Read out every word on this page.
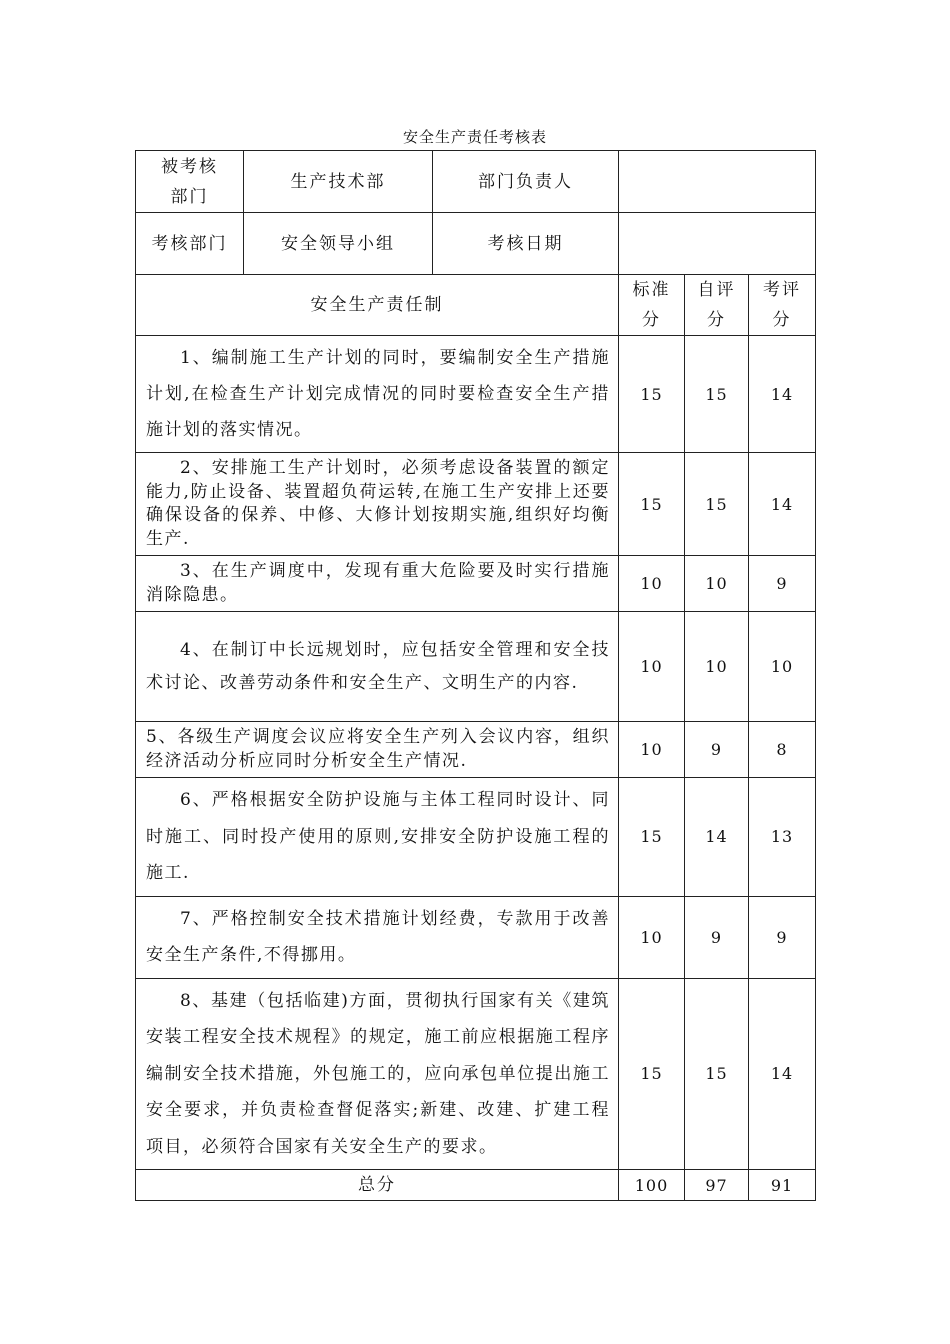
安全生产责任考核表
被考核部门	生产技术部	部门负责人			
考核部门	安全领导小组	考核日期			
安全生产责任制			标准分	自评分	考评分

1、编制施工生产计划的同时，要编制安全生产措施计划,在检查生产计划完成情况的同时要检查安全生产措施计划的落实情况。			15	15	14
2、安排施工生产计划时，必须考虑设备装置的额定能力,防止设备、装置超负荷运转,在施工生产安排上还要确保设备的保养、中修、大修计划按期实施,组织好均衡生产.			15	15	14
3、在生产调度中，发现有重大危险要及时实行措施消除隐患。			10	10	9
4、在制订中长远规划时，应包括安全管理和安全技术讨论、改善劳动条件和安全生产、文明生产的内容.			10	10	10
5、各级生产调度会议应将安全生产列入会议内容，组织经济活动分析应同时分析安全生产情况.			10	9	8
6、严格根据安全防护设施与主体工程同时设计、同时施工、同时投产使用的原则,安排安全防护设施工程的施工.			15	14	13
7、严格控制安全技术措施计划经费，专款用于改善安全生产条件,不得挪用。			10	9	9
8、基建（包括临建)方面，贯彻执行国家有关《建筑安装工程安全技术规程》的规定，施工前应根据施工程序编制安全技术措施，外包施工的，应向承包单位提出施工安全要求，并负责检查督促落实;新建、改建、扩建工程项目，必须符合国家有关安全生产的要求。			15	15	14
总分			100	97	91
